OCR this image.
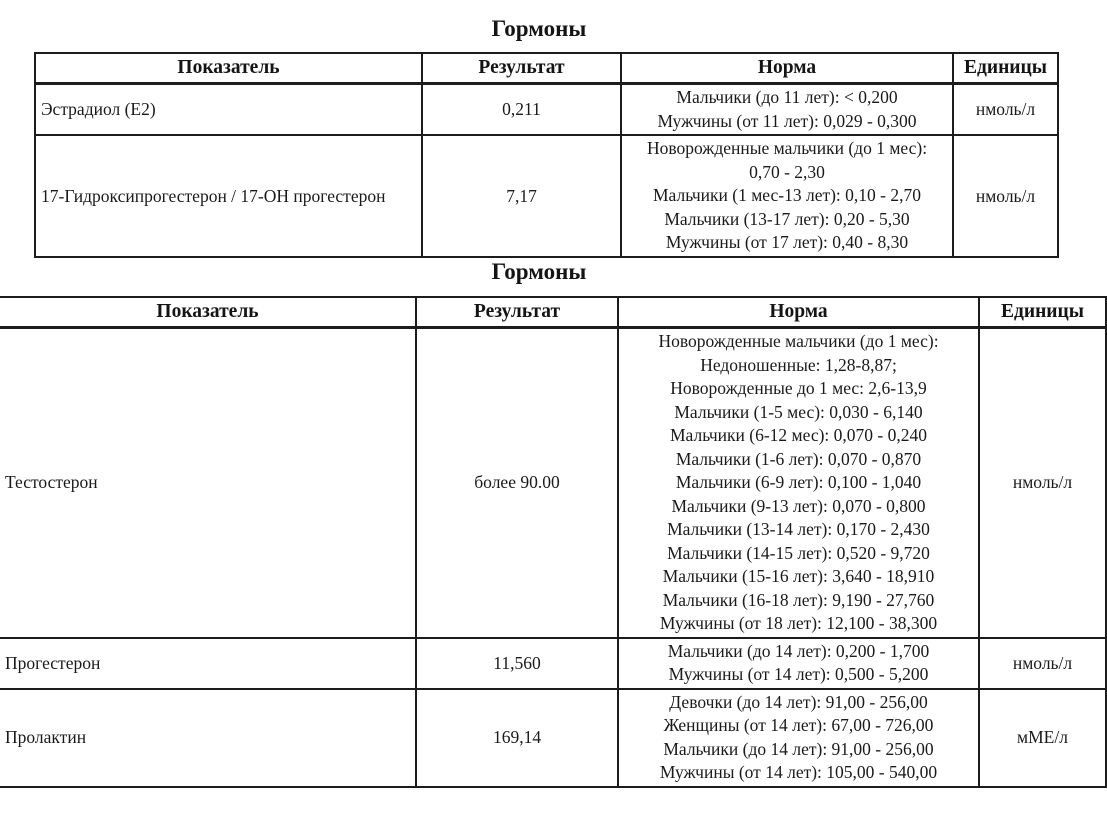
Гормоны
Показатель	Результат	Норма	Единицы
Эстрадиол (Е2)	0,211	Мальчики (до 11 лет): < 0,200
Мужчины (от 11 лет): 0,029 - 0,300	нмоль/л
17-Гидроксипрогестерон / 17-ОН прогестерон	7,17	Новорожденные мальчики (до 1 мес):
0,70 - 2,30
Мальчики (1 мес-13 лет): 0,10 - 2,70
Мальчики (13-17 лет): 0,20 - 5,30
Мужчины (от 17 лет): 0,40 - 8,30	нмоль/л
Гормоны
Показатель	Результат	Норма	Единицы
Тестостерон	более 90.00	
Новорожденные мальчики (до 1 мес):
Недоношенные: 1,28-8,87;
Новорожденные до 1 мес: 2,6-13,9
Мальчики (1-5 мес): 0,030 - 6,140
Мальчики (6-12 мес): 0,070 - 0,240
Мальчики (1-6 лет): 0,070 - 0,870
Мальчики (6-9 лет): 0,100 - 1,040
Мальчики (9-13 лет): 0,070 - 0,800
Мальчики (13-14 лет): 0,170 - 2,430
Мальчики (14-15 лет): 0,520 - 9,720
Мальчики (15-16 лет): 3,640 - 18,910
Мальчики (16-18 лет): 9,190 - 27,760
Мужчины (от 18 лет): 12,100 - 38,300
	нмоль/л
Прогестерон	11,560	Мальчики (до 14 лет): 0,200 - 1,700
Мужчины (от 14 лет): 0,500 - 5,200	нмоль/л
Пролактин	169,14	Девочки (до 14 лет): 91,00 - 256,00
Женщины (от 14 лет): 67,00 - 726,00
Мальчики (до 14 лет): 91,00 - 256,00
Мужчины (от 14 лет): 105,00 - 540,00	мМЕ/л
